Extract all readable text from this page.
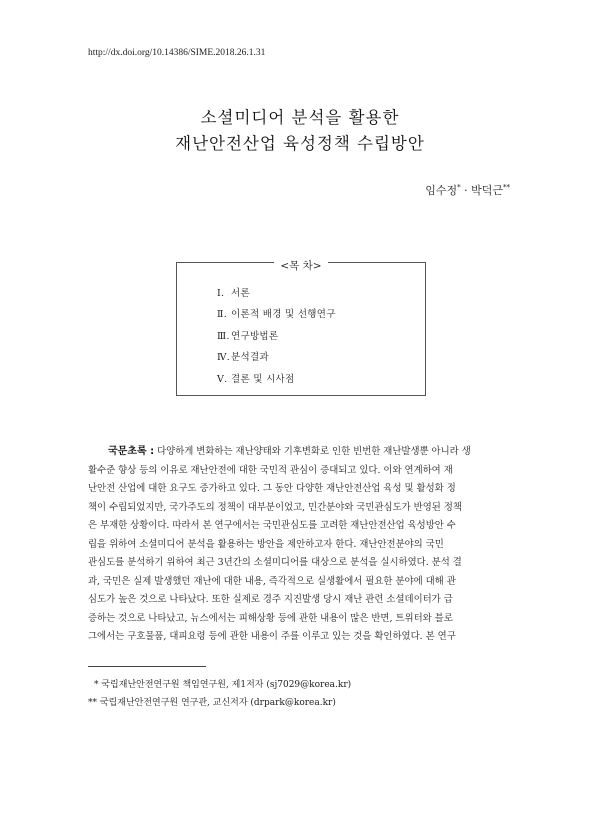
http://dx.doi.org/10.14386/SIME.2018.26.1.31
소셜미디어 분석을 활용한
재난안전산업 육성정책 수립방안
임수정* · 박덕근**
<목 차>
Ⅰ. 서론
Ⅱ. 이론적 배경 및 선행연구
Ⅲ.연구방법론
Ⅳ.분석결과
Ⅴ. 결론 및 시사점
국문초록 : 다양하게 변화하는 재난양태와 기후변화로 인한 빈번한 재난발생뿐 아니라 생
활수준 향상 등의 이유로 재난안전에 대한 국민적 관심이 증대되고 있다. 이와 연계하여 재
난안전 산업에 대한 요구도 증가하고 있다. 그 동안 다양한 재난안전산업 육성 및 활성화 정
책이 수립되었지만, 국가주도의 정책이 대부분이었고, 민간분야와 국민관심도가 반영된 정책
은 부재한 상황이다. 따라서 본 연구에서는 국민관심도를 고려한 재난안전산업 육성방안 수
립을 위하여 소셜미디어 분석을 활용하는 방안을 제안하고자 한다. 재난안전분야의 국민
관심도를 분석하기 위하여 최근 3년간의 소셜미디어를 대상으로 분석을 실시하였다. 분석 결
과, 국민은 실제 발생했던 재난에 대한 내용, 즉각적으로 실생활에서 필요한 분야에 대해 관
심도가 높은 것으로 나타났다. 또한 실제로 경주 지진발생 당시 재난 관련 소셜데이터가 급
증하는 것으로 나타났고, 뉴스에서는 피해상황 등에 관한 내용이 많은 반면, 트위터와 블로
그에서는 구호물품, 대피요령 등에 관한 내용이 주를 이루고 있는 것을 확인하였다. 본 연구
* 국립재난안전연구원 책임연구원, 제1저자 (sj7029@korea.kr)
** 국립재난안전연구원 연구관, 교신저자 (drpark@korea.kr)
